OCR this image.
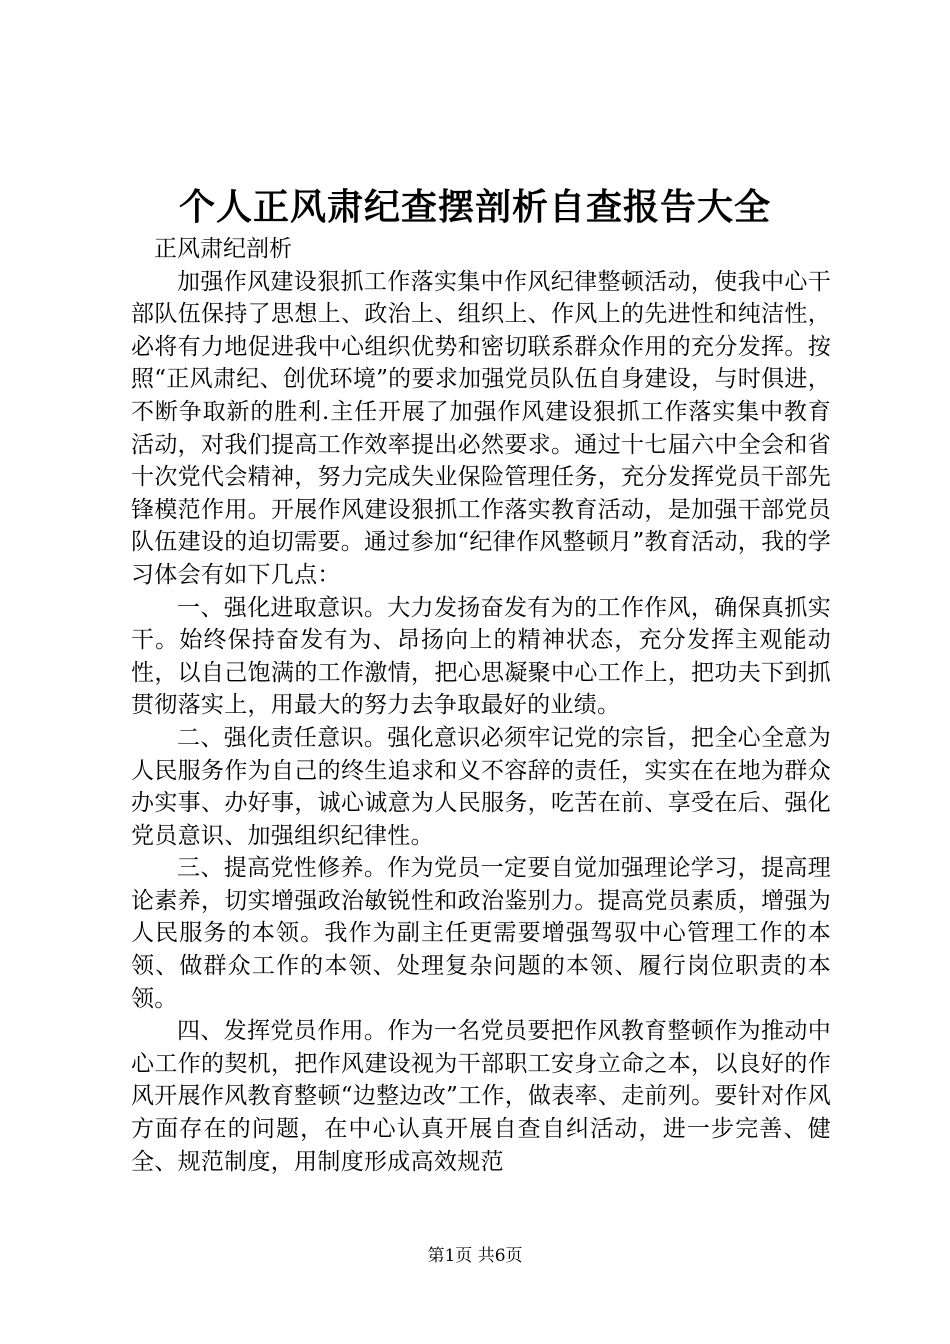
个人正风肃纪查摆剖析自查报告大全

正风肃纪剖析

加强作风建设狠抓工作落实集中作风纪律整顿活动，使我中心干部队伍保持了思想上、政治上、组织上、作风上的先进性和纯洁性，必将有力地促进我中心组织优势和密切联系群众作用的充分发挥。按照“正风肃纪、创优环境”的要求加强党员队伍自身建设，与时俱进，不断争取新的胜利.主任开展了加强作风建设狠抓工作落实集中教育活动，对我们提高工作效率提出必然要求。通过十七届六中全会和省十次党代会精神，努力完成失业保险管理任务，充分发挥党员干部先锋模范作用。开展作风建设狠抓工作落实教育活动，是加强干部党员队伍建设的迫切需要。通过参加“纪律作风整顿月”教育活动，我的学习体会有如下几点：

一、强化进取意识。大力发扬奋发有为的工作作风，确保真抓实干。始终保持奋发有为、昂扬向上的精神状态，充分发挥主观能动性，以自己饱满的工作激情，把心思凝聚中心工作上，把功夫下到抓贯彻落实上，用最大的努力去争取最好的业绩。

二、强化责任意识。强化意识必须牢记党的宗旨，把全心全意为人民服务作为自己的终生追求和义不容辞的责任，实实在在地为群众办实事、办好事，诚心诚意为人民服务，吃苦在前、享受在后、强化党员意识、加强组织纪律性。

三、提高党性修养。作为党员一定要自觉加强理论学习，提高理论素养，切实增强政治敏锐性和政治鉴别力。提高党员素质，增强为人民服务的本领。我作为副主任更需要增强驾驭中心管理工作的本领、做群众工作的本领、处理复杂问题的本领、履行岗位职责的本领。

四、发挥党员作用。作为一名党员要把作风教育整顿作为推动中心工作的契机，把作风建设视为干部职工安身立命之本，以良好的作风开展作风教育整顿“边整边改”工作，做表率、走前列。要针对作风方面存在的问题，在中心认真开展自查自纠活动，进一步完善、健全、规范制度，用制度形成高效规范

第1页 共6页
